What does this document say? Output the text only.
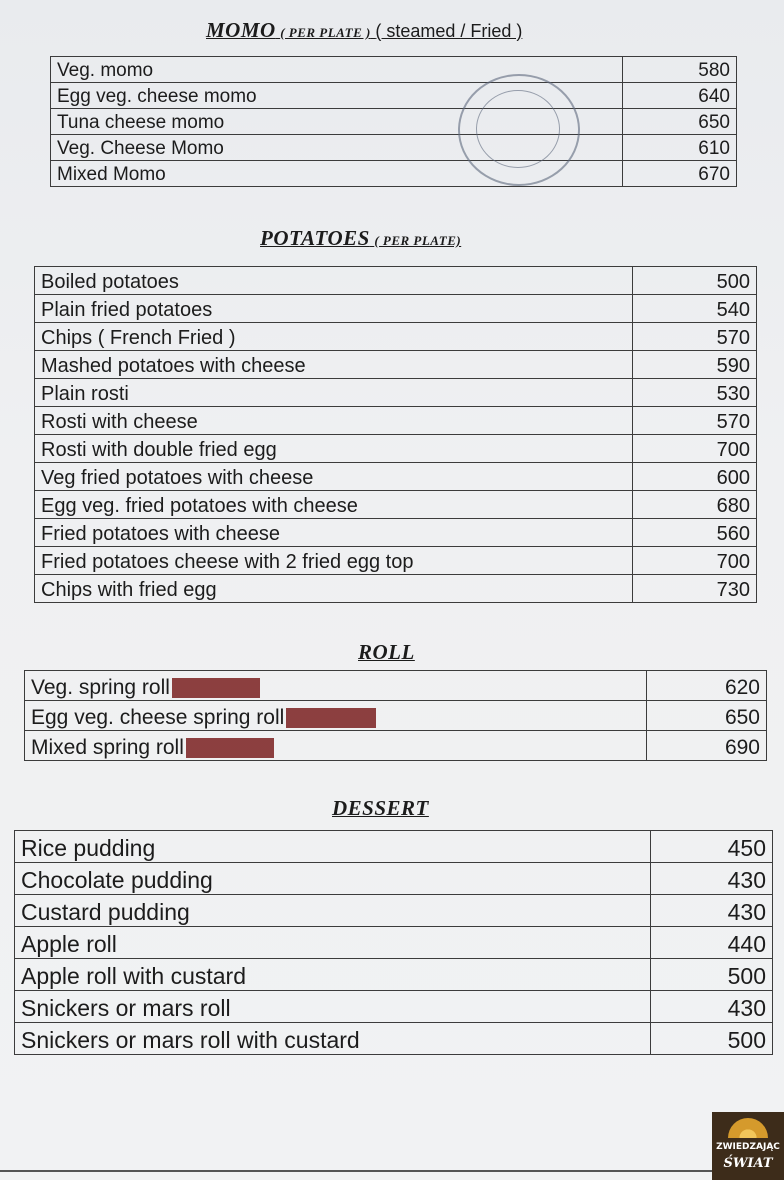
MOMO ( PER PLATE ) ( steamed / Fried )
Veg. momo	580
Egg veg. cheese momo	640
Tuna cheese momo	650
Veg. Cheese Momo	610
Mixed Momo	670
POTATOES ( PER PLATE)
Boiled potatoes	500
Plain fried potatoes	540
Chips ( French Fried )	570
Mashed potatoes with cheese	590
Plain rosti	530
Rosti with cheese	570
Rosti with double fried egg	700
Veg fried potatoes with cheese	600
Egg veg. fried potatoes with cheese	680
Fried potatoes with cheese	560
Fried potatoes cheese with 2 fried egg top	700
Chips with fried egg	730
ROLL
Veg. spring roll	620
Egg veg. cheese spring roll	650
Mixed spring roll	690
DESSERT
Rice pudding	450
Chocolate pudding	430
Custard pudding	430
Apple roll	440
Apple roll with custard	500
Snickers or mars roll	430
Snickers or mars roll with custard	500
ZWIEDZAJĄC
ŚWIAT
